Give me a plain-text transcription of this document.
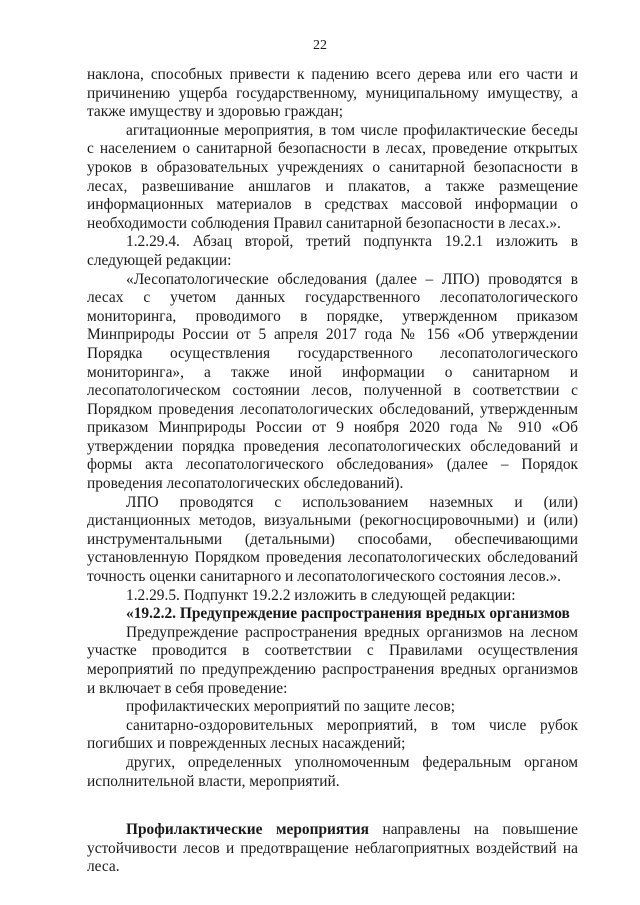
22

наклона, способных привести к падению всего дерева или его части и причинению ущерба государственному, муниципальному имуществу, а также имуществу и здоровью граждан;

агитационные мероприятия, в том числе профилактические беседы с населением о санитарной безопасности в лесах, проведение открытых уроков в образовательных учреждениях о санитарной безопасности в лесах, развешивание аншлагов и плакатов, а также размещение информационных материалов в средствах массовой информации о необходимости соблюдения Правил санитарной безопасности в лесах.».

1.2.29.4. Абзац второй, третий подпункта 19.2.1 изложить в следующей редакции:

«Лесопатологические обследования (далее – ЛПО) проводятся в лесах с учетом данных государственного лесопатологического мониторинга, проводимого в порядке, утвержденном приказом Минприроды России от 5 апреля 2017 года № 156 «Об утверждении Порядка осуществления государственного лесопатологического мониторинга», а также иной информации о санитарном и лесопатологическом состоянии лесов, полученной в соответствии с Порядком проведения лесопатологических обследований, утвержденным приказом Минприроды России от 9 ноября 2020 года № 910 «Об утверждении порядка проведения лесопатологических обследований и формы акта лесопатологического обследования» (далее – Порядок проведения лесопатологических обследований).

ЛПО проводятся с использованием наземных и (или) дистанционных методов, визуальными (рекогносцировочными) и (или) инструментальными (детальными) способами, обеспечивающими установленную Порядком проведения лесопатологических обследований точность оценки санитарного и лесопатологического состояния лесов.».

1.2.29.5. Подпункт 19.2.2 изложить в следующей редакции:

«19.2.2. Предупреждение распространения вредных организмов

Предупреждение распространения вредных организмов на лесном участке проводится в соответствии с Правилами осуществления мероприятий по предупреждению распространения вредных организмов и включает в себя проведение:

профилактических мероприятий по защите лесов;

санитарно-оздоровительных мероприятий, в том числе рубок погибших и поврежденных лесных насаждений;

других, определенных уполномоченным федеральным органом исполнительной власти, мероприятий.

Профилактические мероприятия направлены на повышение устойчивости лесов и предотвращение неблагоприятных воздействий на леса.
